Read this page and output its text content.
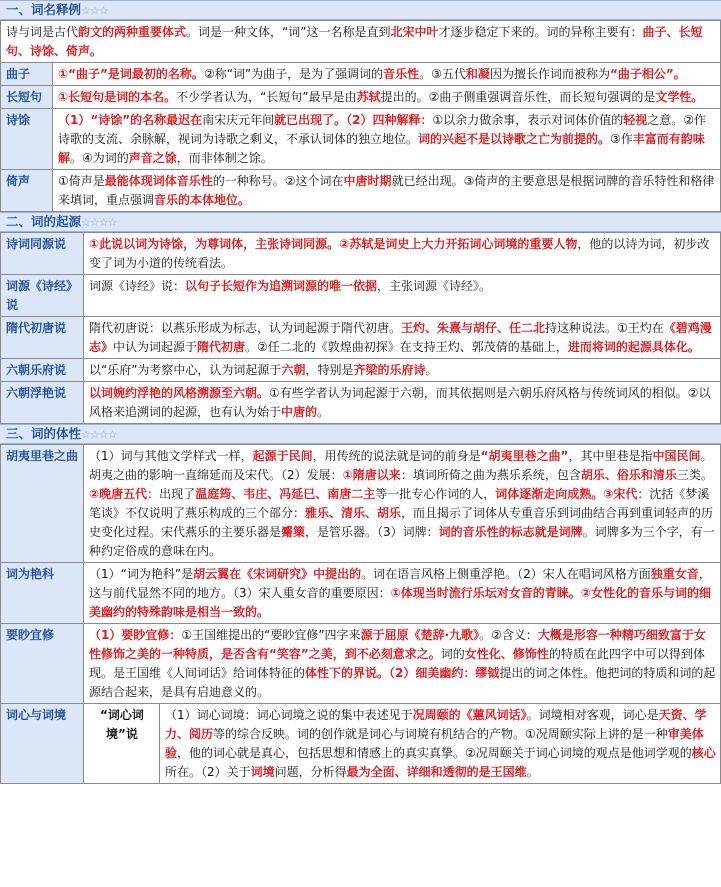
一、词名释例☆☆☆
诗与词是古代韵文的两种重要体式。词是一种文体，“词”这一名称是直到北宋中叶才逐步稳定下来的。词的异称主要有：曲子、长短句、诗馀、倚声。	
曲子	①“曲子”是词最初的名称。②称“词”为曲子，是为了强调词的音乐性。③五代和凝因为擅长作词而被称为“曲子相公”。
长短句	①长短句是词的本名。不少学者认为，“长短句”最早是由苏轼提出的。②曲子侧重强调音乐性，而长短句强调的是文学性。
诗馀	（1）“诗馀”的名称最迟在南宋庆元年间就已出现了。（2）四种解释：①以余力做余事，表示对词体价值的轻视之意。②作诗歌的支流、余脉解，视词为诗歌之剩义，不承认词体的独立地位。词的兴起不是以诗歌之亡为前提的。③作丰富而有韵味解。④为词的声音之馀，而非体制之馀。
倚声	①倚声是最能体现词体音乐性的一种称号。②这个词在中唐时期就已经出现。③倚声的主要意思是根据词牌的音乐特性和格律来填词，重点强调音乐的本体地位。
二、词的起源☆☆☆☆
诗词同源说	①此说以词为诗馀，为尊词体，主张诗词同源。②苏轼是词史上大力开拓词心词境的重要人物，他的以诗为词，初步改变了词为小道的传统看法。
词源《诗经》说	词源《诗经》说：以句子长短作为追溯词源的唯一依据，主张词源《诗经》。
隋代初唐说	隋代初唐说：以燕乐形成为标志，认为词起源于隋代初唐。王灼、朱熹与胡仔、任二北持这种说法。①王灼在《碧鸡漫志》中认为词起源于隋代初唐。②任二北的《敦煌曲初探》在支持王灼、郭茂倩的基础上，进而将词的起源具体化。
六朝乐府说	以“乐府”为考察中心，认为词起源于六朝，特别是齐梁的乐府诗。
六朝浮艳说	以词婉约浮艳的风格溯源至六朝。①有些学者认为词起源于六朝，而其依据则是六朝乐府风格与传统词风的相似。②以风格来追溯词的起源，也有认为始于中唐的。
三、词的体性☆☆☆☆
胡夷里巷之曲	（1）词与其他文学样式一样，起源于民间，用传统的说法就是词的前身是“胡夷里巷之曲”，其中里巷是指中国民间。胡夷之曲的影响一直绵延而及宋代。（2）发展：①隋唐以来：填词所倚之曲为燕乐系统，包含胡乐、俗乐和清乐三类。②晚唐五代：出现了温庭筠、韦庄、冯延巳、南唐二主等一批专心作词的人，词体逐渐走向成熟。③宋代：沈括《梦溪笔谈》不仅说明了燕乐构成的三个部分：雅乐、清乐、胡乐，而且揭示了词体从专重音乐到词曲结合再到重词轻声的历史变化过程。宋代燕乐的主要乐器是觱篥，是管乐器。（3）词牌：词的音乐性的标志就是词牌。词牌多为三个字，有一种约定俗成的意味在内。	
词为艳科	（1）“词为艳科”是胡云翼在《宋词研究》中提出的。词在语言风格上侧重浮艳。（2）宋人在唱词风格方面独重女音，这与前代显然不同的地方。（3）宋人重女音的重要原因：①体现当时流行乐坛对女音的青睐。②女性化的音乐与词的细美幽约的特殊韵味是相当一致的。	
要眇宜修	（1）要眇宜修：①王国维提出的“要眇宜修”四字来源于屈原《楚辞·九歌》。②含义：大概是形容一种精巧细致富于女性修饰之美的一种特质，是否含有“笑容”之美，到不必刻意求之。词的女性化、修饰性的特质在此四字中可以得到体现。是王国维《人间词话》给词体特征的体性下的界说。（2）细美幽约：缪钺提出的词之体性。他把词的特质和词的起源结合起来，是具有启迪意义的。	
词心与词境	“词心词境”说	（1）词心词境：词心词境之说的集中表述见于况周颐的《蕙风词话》。词境相对客观，词心是天资、学力、阅历等的综合反映。词的创作就是词心与词境有机结合的产物。①况周颐实际上讲的是一种审美体验，他的词心就是真心，包括思想和情感上的真实真挚。②况周颐关于词心词境的观点是他词学观的核心所在。（2）关于词境问题，分析得最为全面、详细和透彻的是王国维。
